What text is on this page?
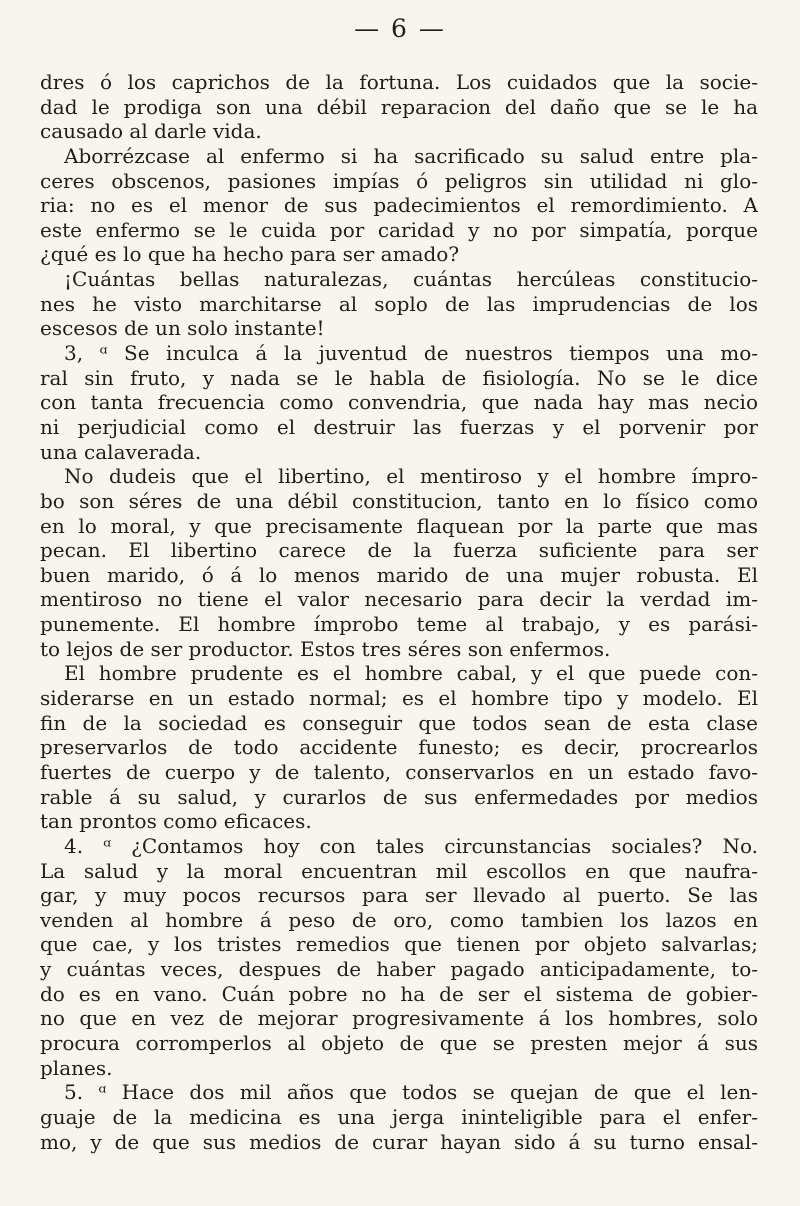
— 6 —
dres ó los caprichos de la fortuna. Los cuidados que la socie-
dad le prodiga son una débil reparacion del daño que se le ha
causado al darle vida.
Aborrézcase al enfermo si ha sacrificado su salud entre pla-
ceres obscenos, pasiones impías ó peligros sin utilidad ni glo-
ria: no es el menor de sus padecimientos el remordimiento. A
este enfermo se le cuida por caridad y no por simpatía, porque
¿qué es lo que ha hecho para ser amado?
¡Cuántas bellas naturalezas, cuántas hercúleas constitucio-
nes he visto marchitarse al soplo de las imprudencias de los
escesos de un solo instante!
3, ᵅ Se inculca á la juventud de nuestros tiempos una mo-
ral sin fruto, y nada se le habla de fisiología. No se le dice
con tanta frecuencia como convendria, que nada hay mas necio
ni perjudicial como el destruir las fuerzas y el porvenir por
una calaverada.
No dudeis que el libertino, el mentiroso y el hombre ímpro-
bo son séres de una débil constitucion, tanto en lo físico como
en lo moral, y que precisamente flaquean por la parte que mas
pecan. El libertino carece de la fuerza suficiente para ser
buen marido, ó á lo menos marido de una mujer robusta. El
mentiroso no tiene el valor necesario para decir la verdad im-
punemente. El hombre ímprobo teme al trabajo, y es parási-
to lejos de ser productor. Estos tres séres son enfermos.
El hombre prudente es el hombre cabal, y el que puede con-
siderarse en un estado normal; es el hombre tipo y modelo. El
fin de la sociedad es conseguir que todos sean de esta clase
preservarlos de todo accidente funesto; es decir, procrearlos
fuertes de cuerpo y de talento, conservarlos en un estado favo-
rable á su salud, y curarlos de sus enfermedades por medios
tan prontos como eficaces.
4. ᵅ ¿Contamos hoy con tales circunstancias sociales? No.
La salud y la moral encuentran mil escollos en que naufra-
gar, y muy pocos recursos para ser llevado al puerto. Se las
venden al hombre á peso de oro, como tambien los lazos en
que cae, y los tristes remedios que tienen por objeto salvarlas;
y cuántas veces, despues de haber pagado anticipadamente, to-
do es en vano. Cuán pobre no ha de ser el sistema de gobier-
no que en vez de mejorar progresivamente á los hombres, solo
procura corromperlos al objeto de que se presten mejor á sus
planes.
5. ᵅ Hace dos mil años que todos se quejan de que el len-
guaje de la medicina es una jerga ininteligible para el enfer-
mo, y de que sus medios de curar hayan sido á su turno ensal-
